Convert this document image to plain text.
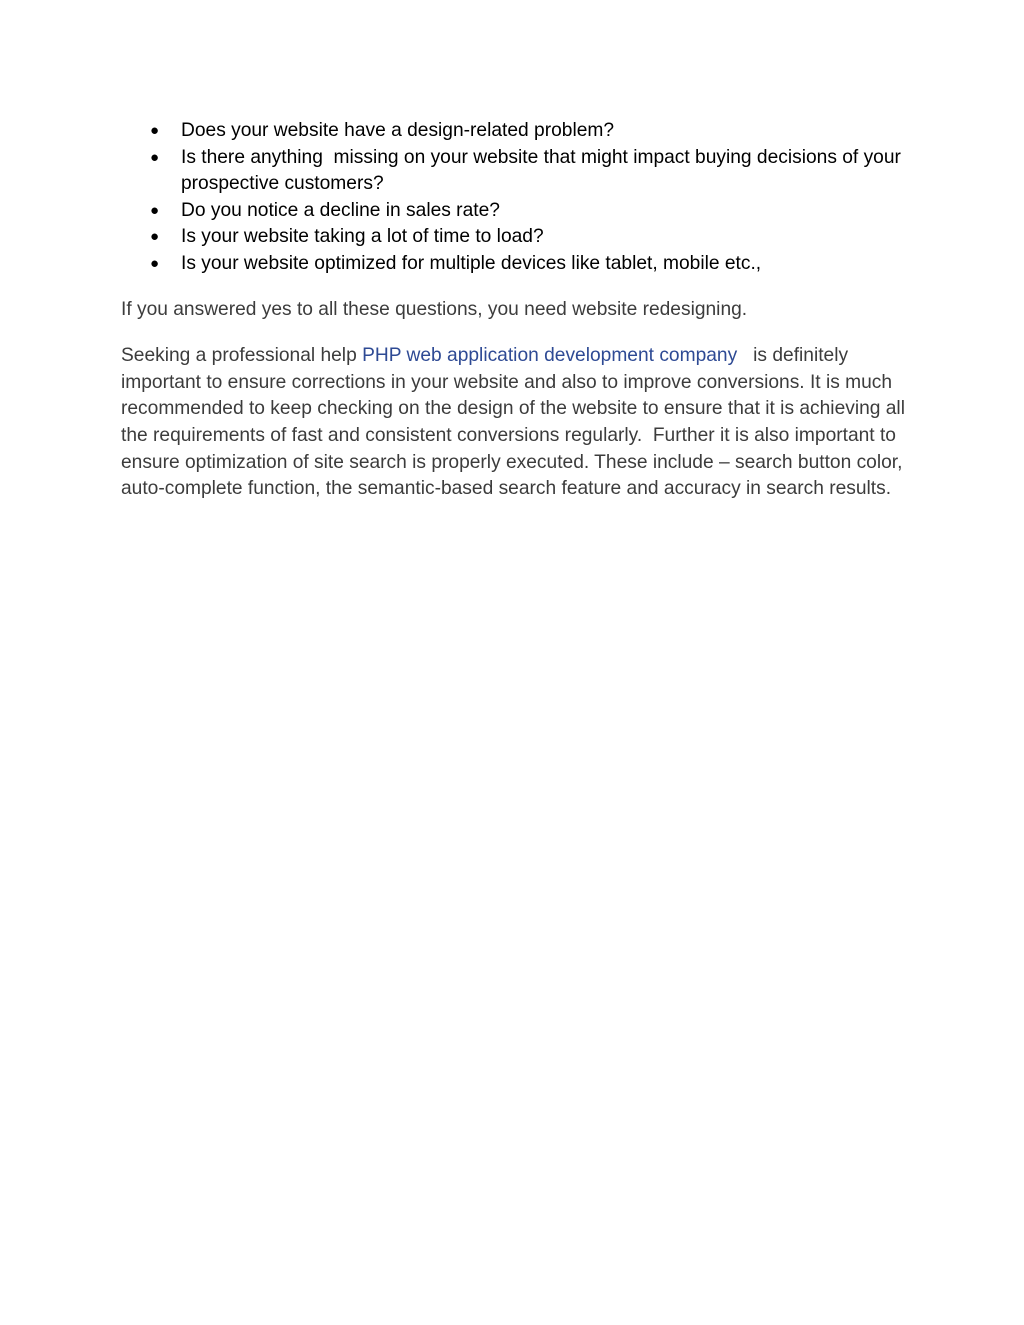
● Does your website have a design-related problem?
● Is there anything  missing on your website that might impact buying decisions of your prospective customers?
● Do you notice a decline in sales rate?
● Is your website taking a lot of time to load?
● Is your website optimized for multiple devices like tablet, mobile etc.,

If you answered yes to all these questions, you need website redesigning.

Seeking a professional help PHP web application development company   is definitely important to ensure corrections in your website and also to improve conversions. It is much recommended to keep checking on the design of the website to ensure that it is achieving all the requirements of fast and consistent conversions regularly.  Further it is also important to ensure optimization of site search is properly executed. These include – search button color, auto-complete function, the semantic-based search feature and accuracy in search results.
